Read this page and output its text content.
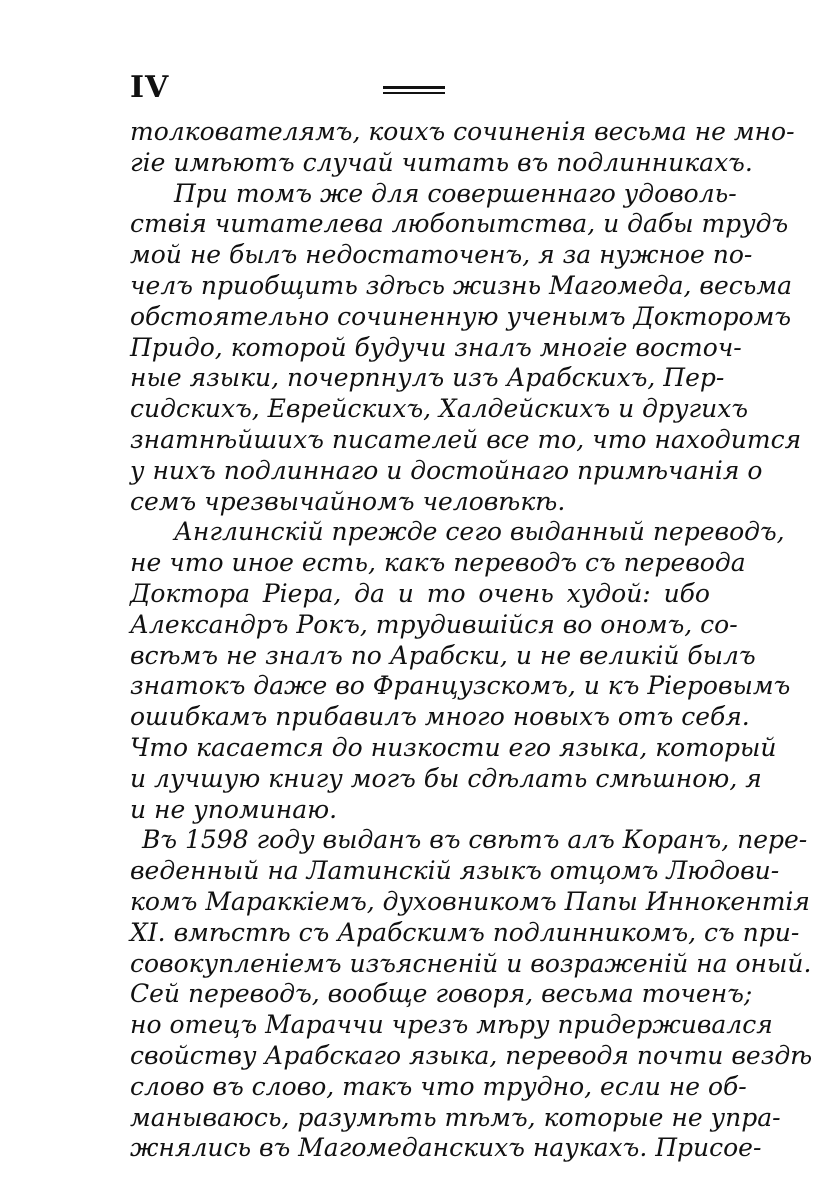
IV
толкователямъ, коихъ сочиненія весьма не мно-
гіе имѣютъ случай читать въ подлинникахъ.
При томъ же для совершеннаго удоволь-
ствія читателева любопытства, и дабы трудъ
мой не былъ недостаточенъ, я за нужное по-
челъ приобщить здѣсь жизнь Магомеда, весьма
обстоятельно сочиненную ученымъ Докторомъ
Придо, которой будучи зналъ многіе восточ-
ные языки, почерпнулъ изъ Арабскихъ, Пер-
сидскихъ, Еврейскихъ, Халдейскихъ и другихъ
знатнѣйшихъ писателей все то, что находится
у нихъ подлиннаго и достойнаго примѣчанія о
семъ чрезвычайномъ человѣкѣ.
Англинскій прежде сего выданный переводъ,
не что иное есть, какъ переводъ съ перевода
Доктора Ріера, да и то очень худой: ибо
Александръ Рокъ, трудившійся во ономъ, со-
всѣмъ не зналъ по Арабски, и не великій былъ
знатокъ даже во Французскомъ, и къ Ріеровымъ
ошибкамъ прибавилъ много новыхъ отъ себя.
Что касается до низкости его языка, который
и лучшую книгу могъ бы сдѣлать смѣшною, я
и не упоминаю.
Въ 1598 году выданъ въ свѣтъ алъ Коранъ, пере-
веденный на Латинскій языкъ отцомъ Людови-
комъ Мараккіемъ, духовникомъ Папы Иннокентія
XI. вмѣстѣ съ Арабскимъ подлинникомъ, съ при-
совокупленіемъ изъясненій и возраженій на оный.
Сей переводъ, вообще говоря, весьма точенъ;
но отецъ Мараччи чрезъ мѣру придерживался
свойству Арабскаго языка, переводя почти вездѣ
слово въ слово, такъ что трудно, если не об-
манываюсь, разумѣть тѣмъ, которые не упра-
жнялись въ Магомеданскихъ наукахъ. Присое-
